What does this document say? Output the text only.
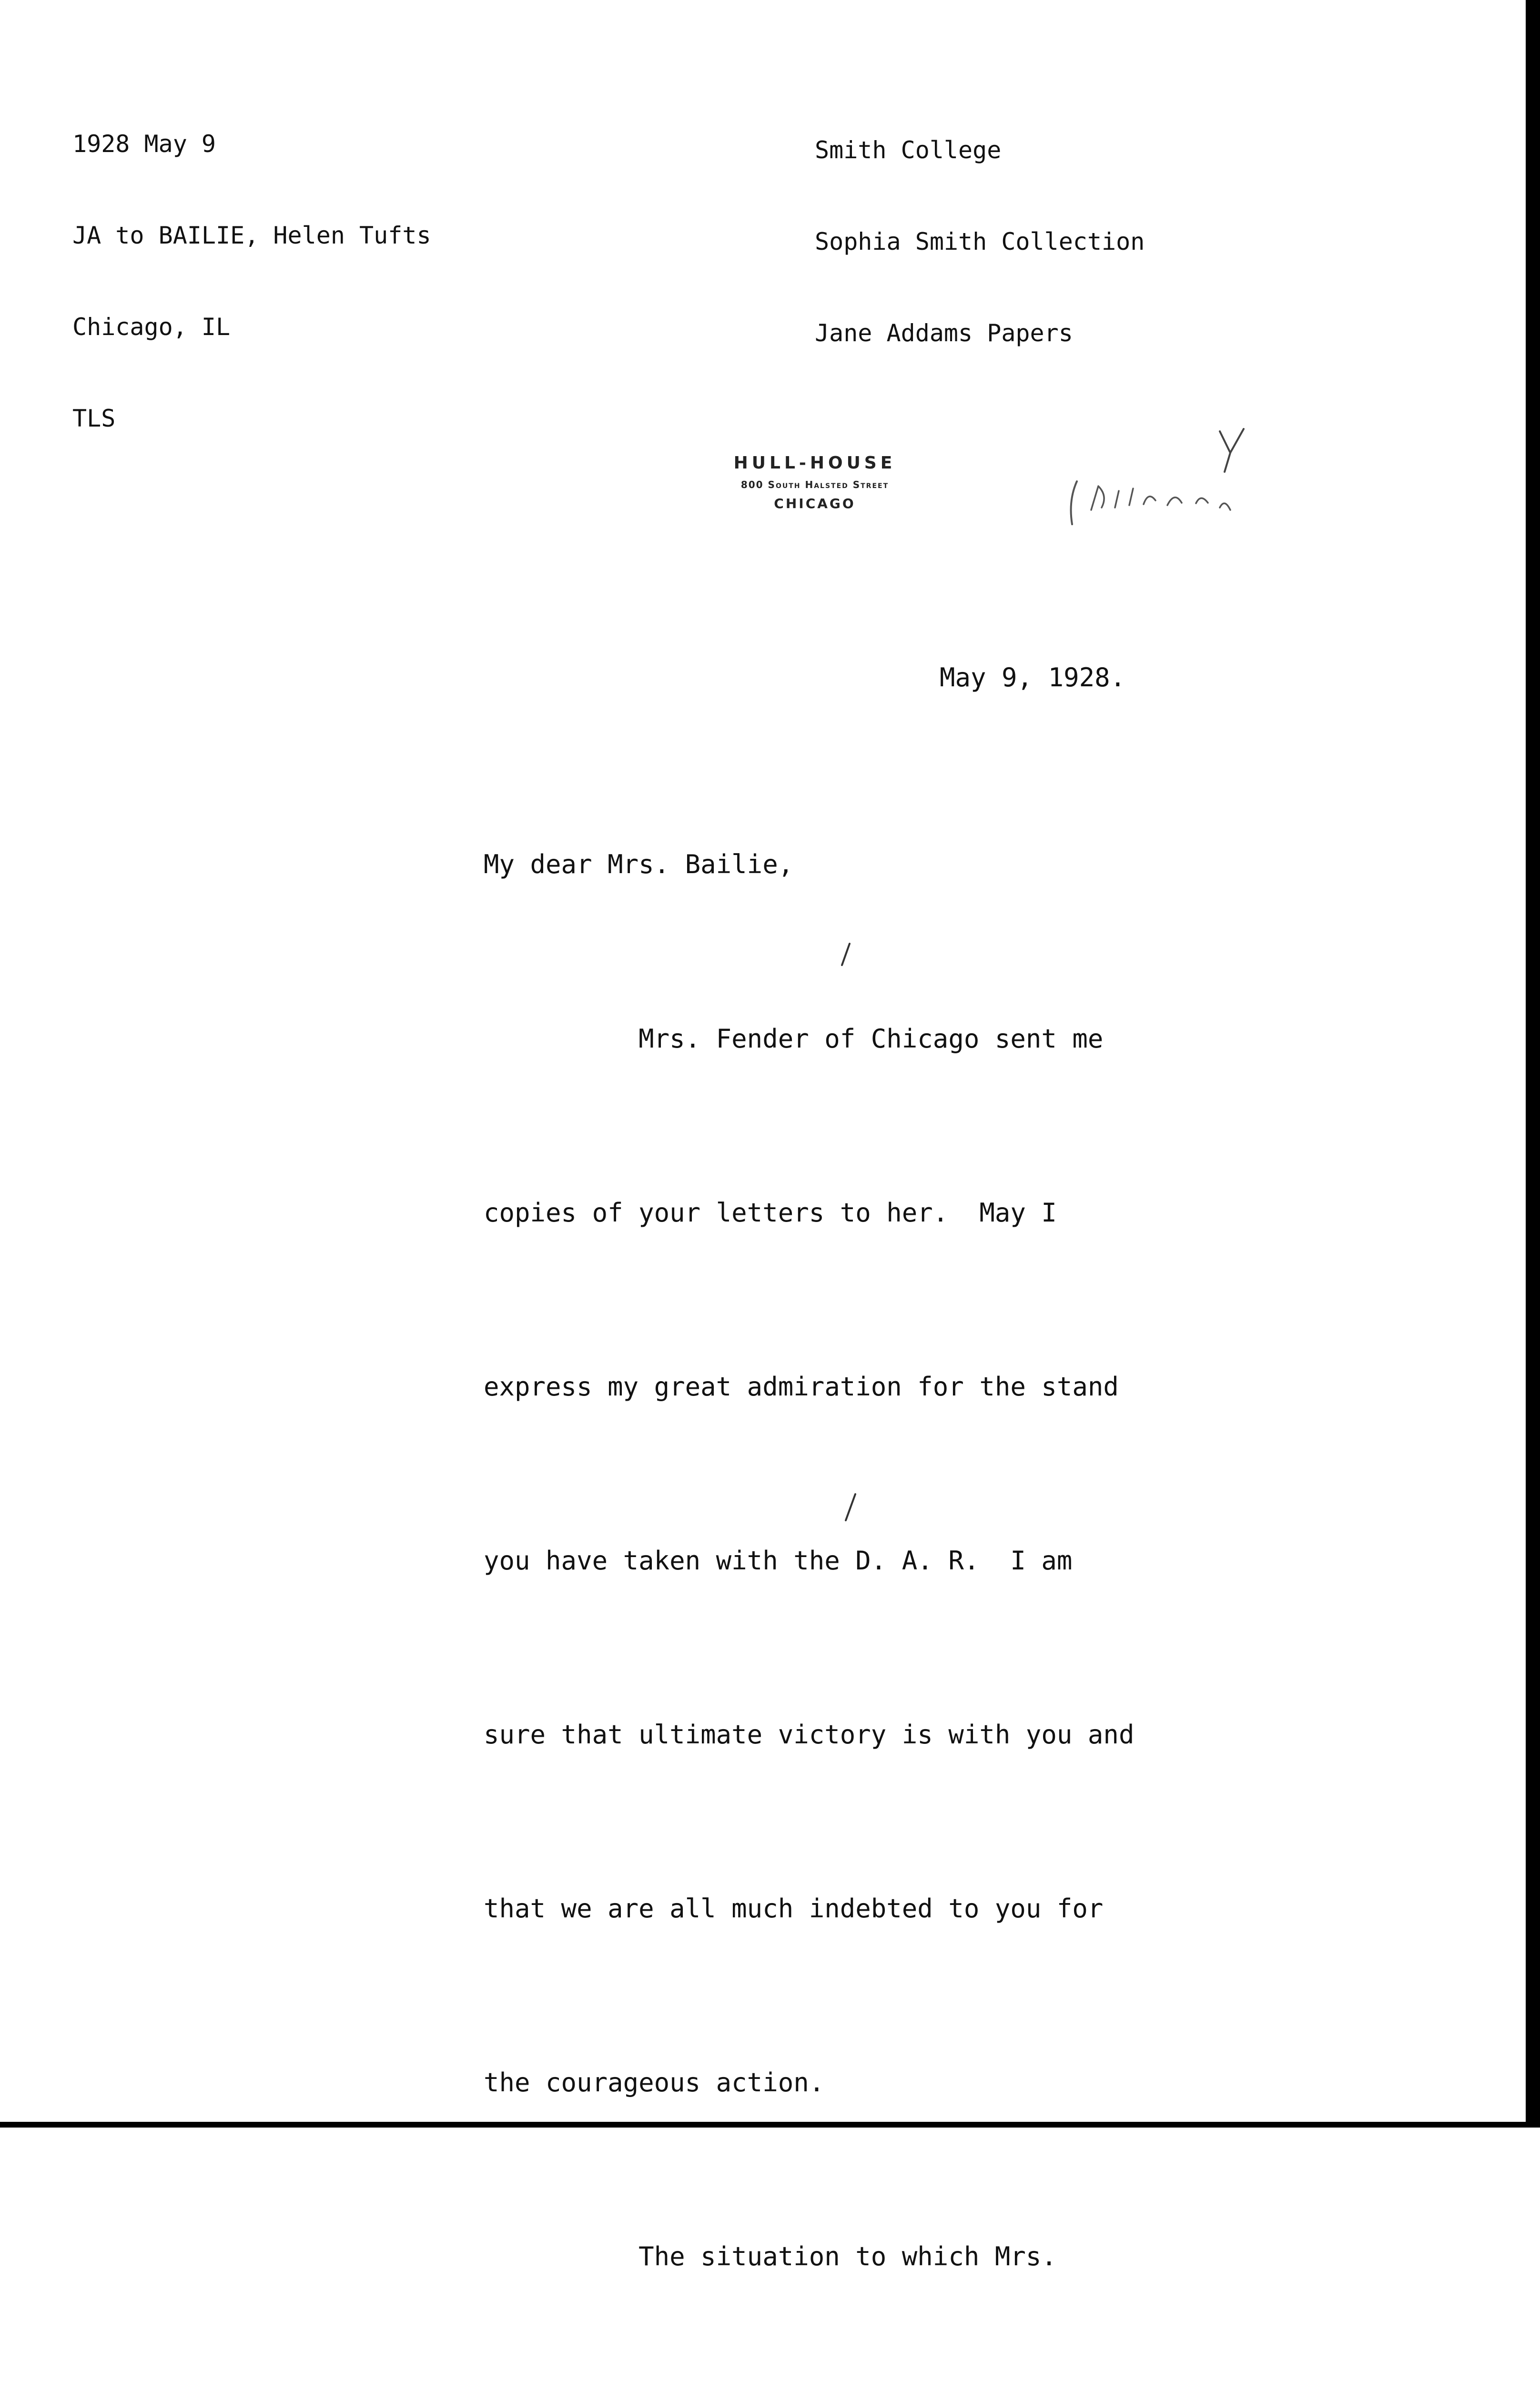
1928 May 9

JA to BAILIE, Helen Tufts

Chicago, IL

TLS

Smith College

Sophia Smith Collection

Jane Addams Papers

HULL-HOUSE
800 South Halsted Street
CHICAGO
May 9, 1928.

My dear Mrs. Bailie,

Mrs. Fender of Chicago sent me

copies of your letters to her.  May I

express my great admiration for the stand

you have taken with the D. A. R.  I am

sure that ultimate victory is with you and

that we are all much indebted to you for

the courageous action.

The situation to which Mrs.
